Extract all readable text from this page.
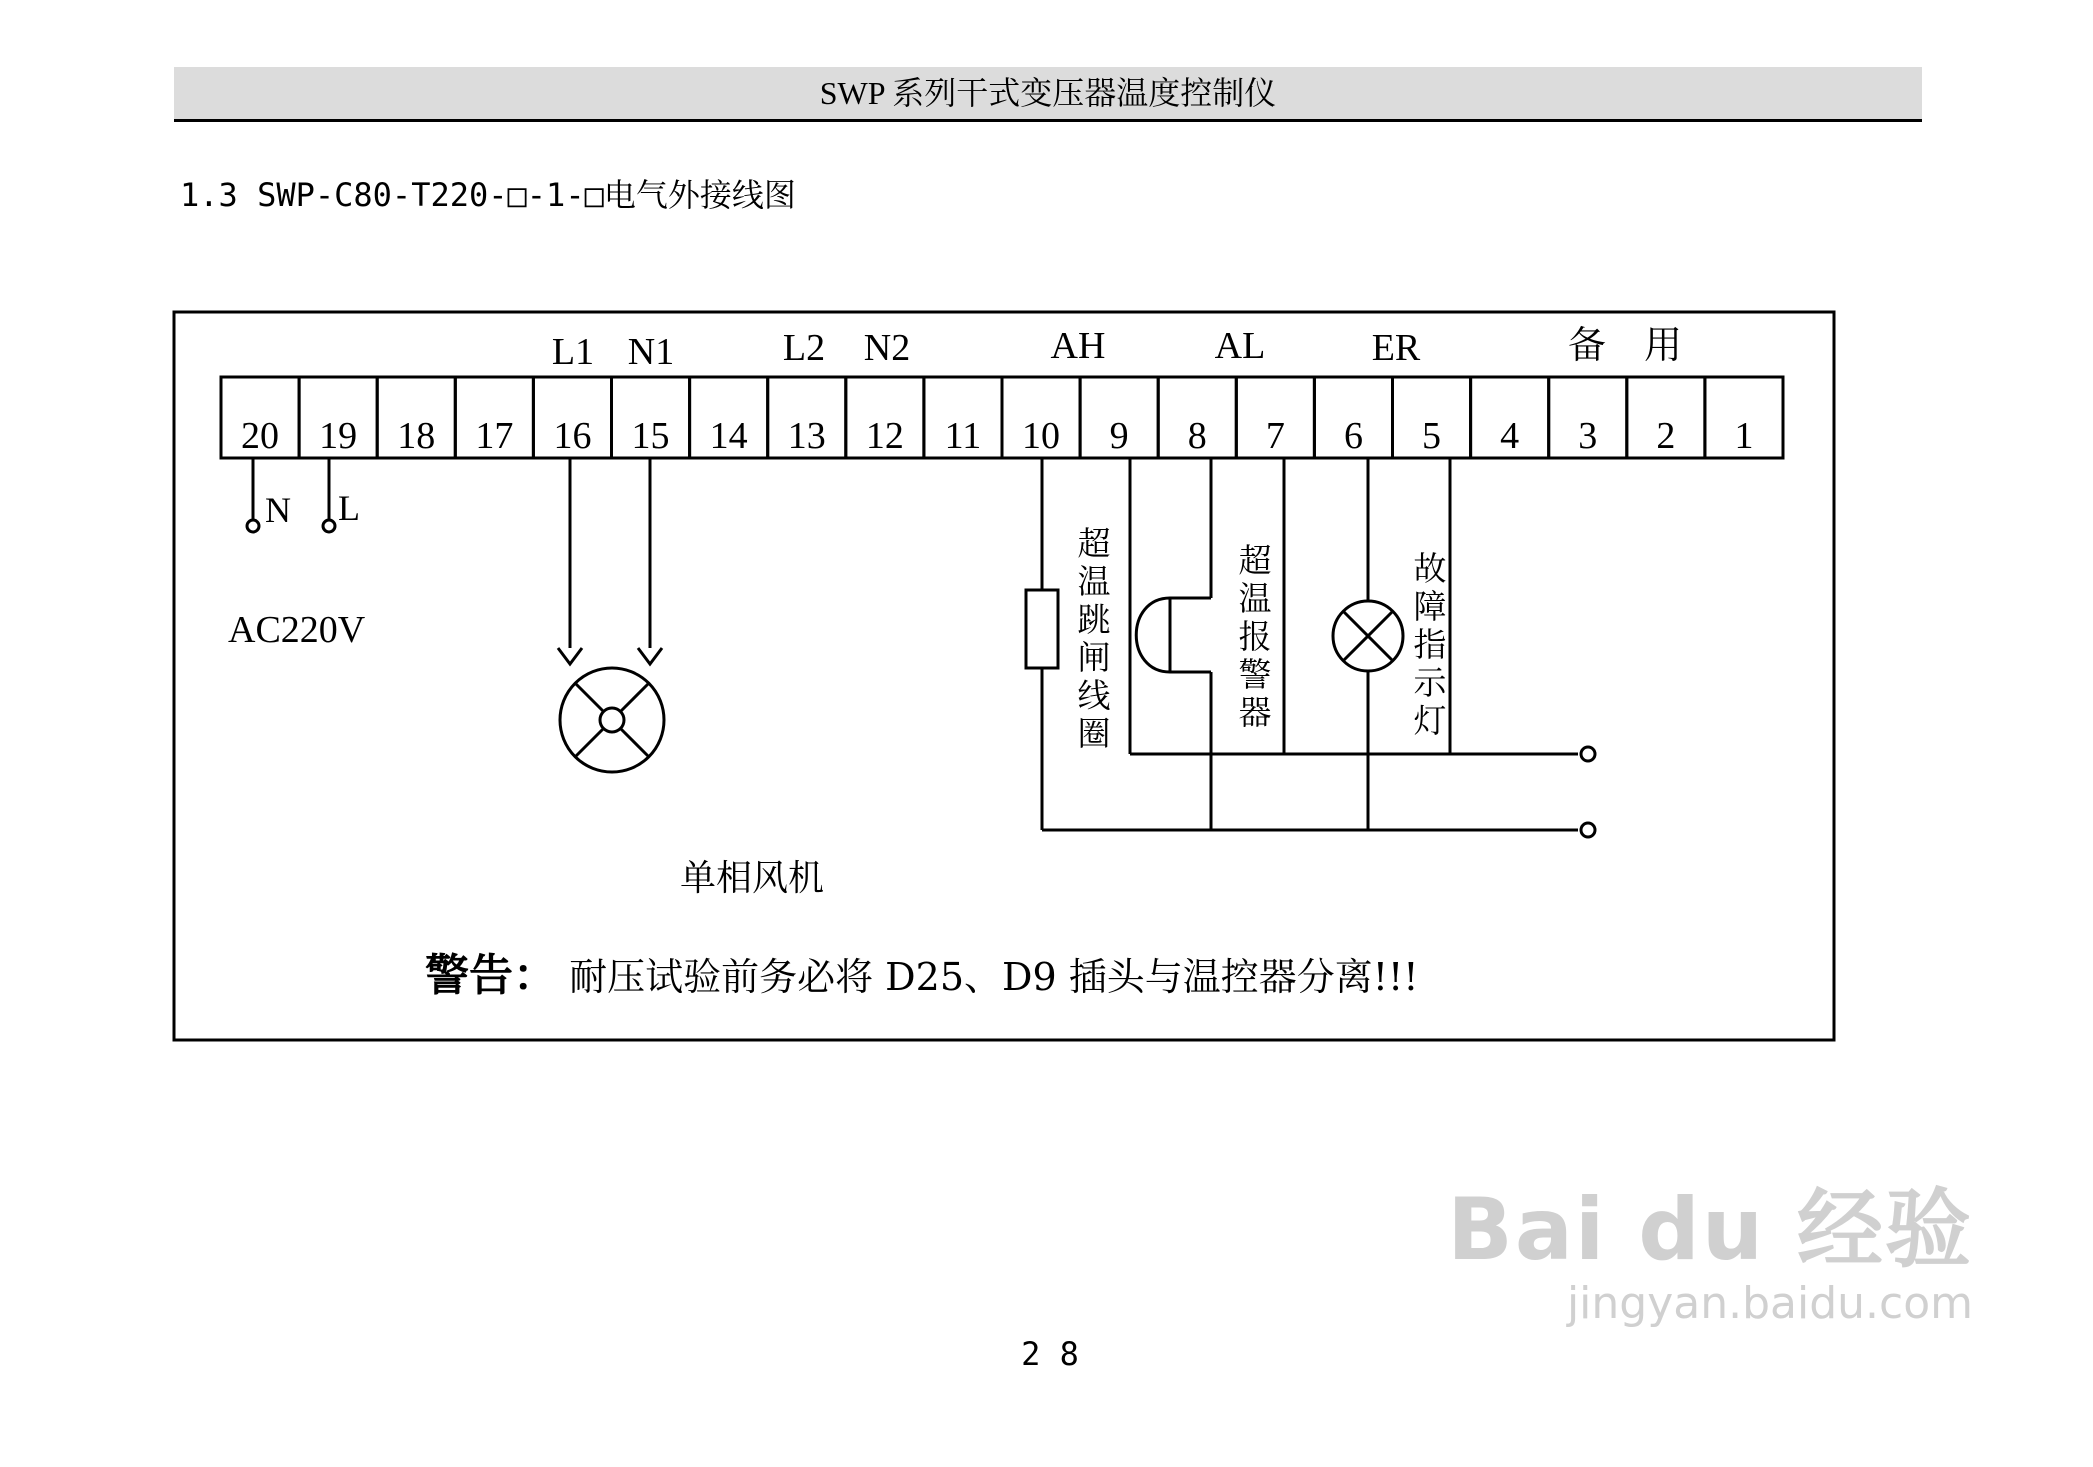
SWP 系列干式变压器温度控制仪
1.3 SWP-C80-T220-□-1-□电气外接线图
20 19 18 17 16 15 14 13 12 11 10 9 8 7 6 5 4 3 2 1
L1 N1	L2 N2	AH	AL	ER	备　用
N L
AC220V
单相风机
超温跳闸线圈
超温报警器
故障指示灯
警告： 耐压试验前务必将 D25、D9 插头与温控器分离!!!
2 8
Bai du 经验
jingyan.baidu.com
